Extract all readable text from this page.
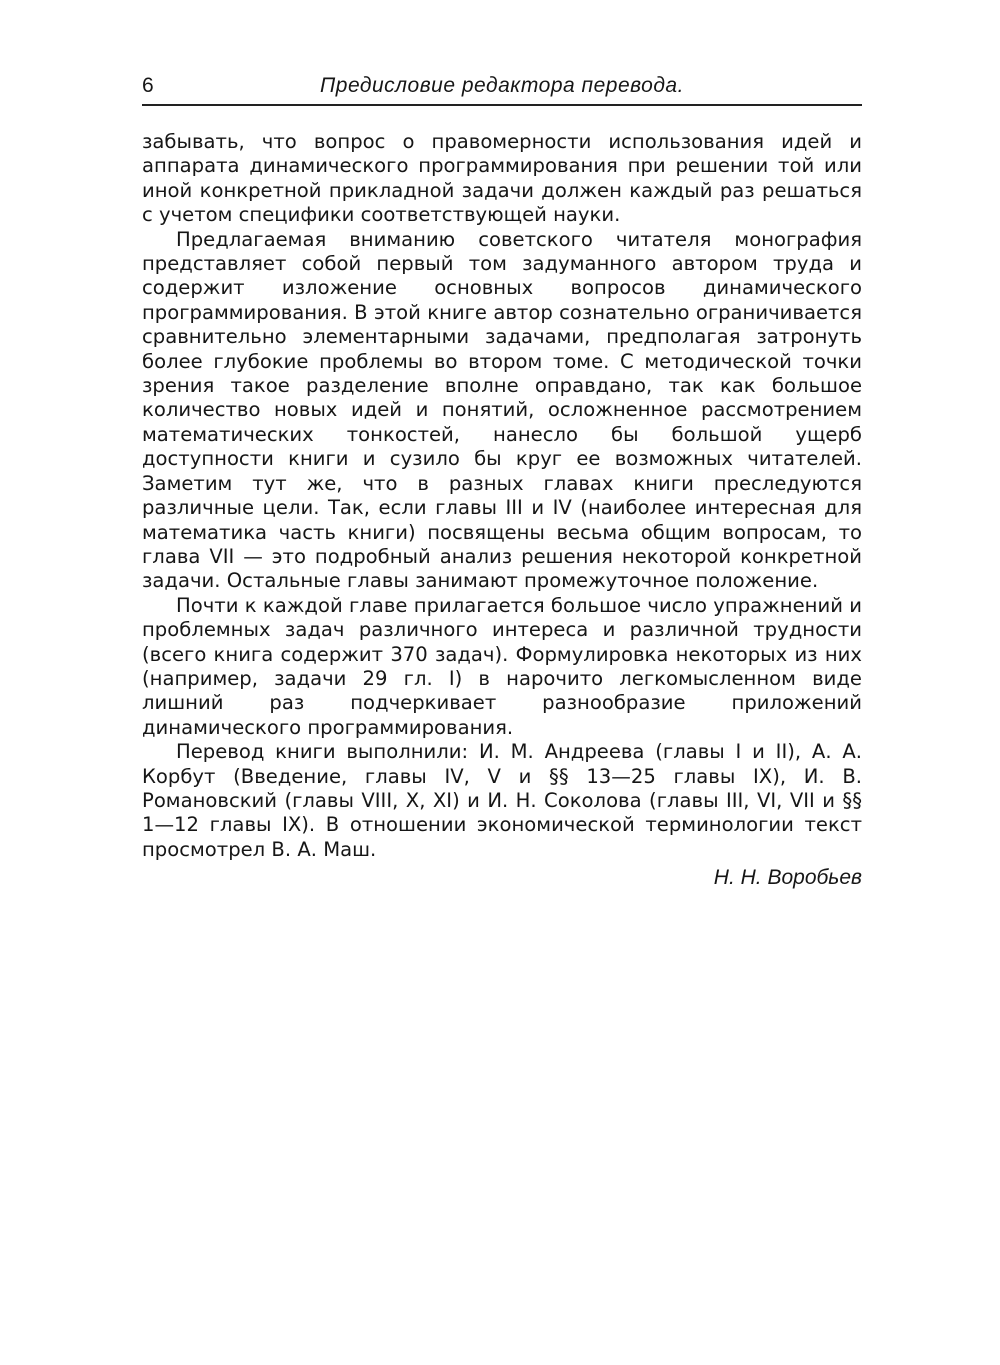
6	Предисловие редактора перевода.

забывать, что вопрос о правомерности использования идей и аппарата динамического программирования при решении той или иной конкретной прикладной задачи должен каждый раз решаться с учетом специфики соответствующей науки.

Предлагаемая вниманию советского читателя монография представляет собой первый том задуманного автором труда и содержит изложение основных вопросов динамического программирования. В этой книге автор сознательно ограничивается сравнительно элементарными задачами, предполагая затронуть более глубокие проблемы во втором томе. С методической точки зрения такое разделение вполне оправдано, так как большое количество новых идей и понятий, осложненное рассмотрением математических тонкостей, нанесло бы большой ущерб доступности книги и сузило бы круг ее возможных читателей. Заметим тут же, что в разных главах книги преследуются различные цели. Так, если главы III и IV (наиболее интересная для математика часть книги) посвящены весьма общим вопросам, то глава VII — это подробный анализ решения некоторой конкретной задачи. Остальные главы занимают промежуточное положение.

Почти к каждой главе прилагается большое число упражнений и проблемных задач различного интереса и различной трудности (всего книга содержит 370 задач). Формулировка некоторых из них (например, задачи 29 гл. I) в нарочито легкомысленном виде лишний раз подчеркивает разнообразие приложений динамического программирования.

Перевод книги выполнили: И. М. Андреева (главы I и II), А. А. Корбут (Введение, главы IV, V и §§ 13—25 главы IX), И. В. Романовский (главы VIII, X, XI) и И. Н. Соколова (главы III, VI, VII и §§ 1—12 главы IX). В отношении экономической терминологии текст просмотрел В. А. Маш.

Н. Н. Воробьев
